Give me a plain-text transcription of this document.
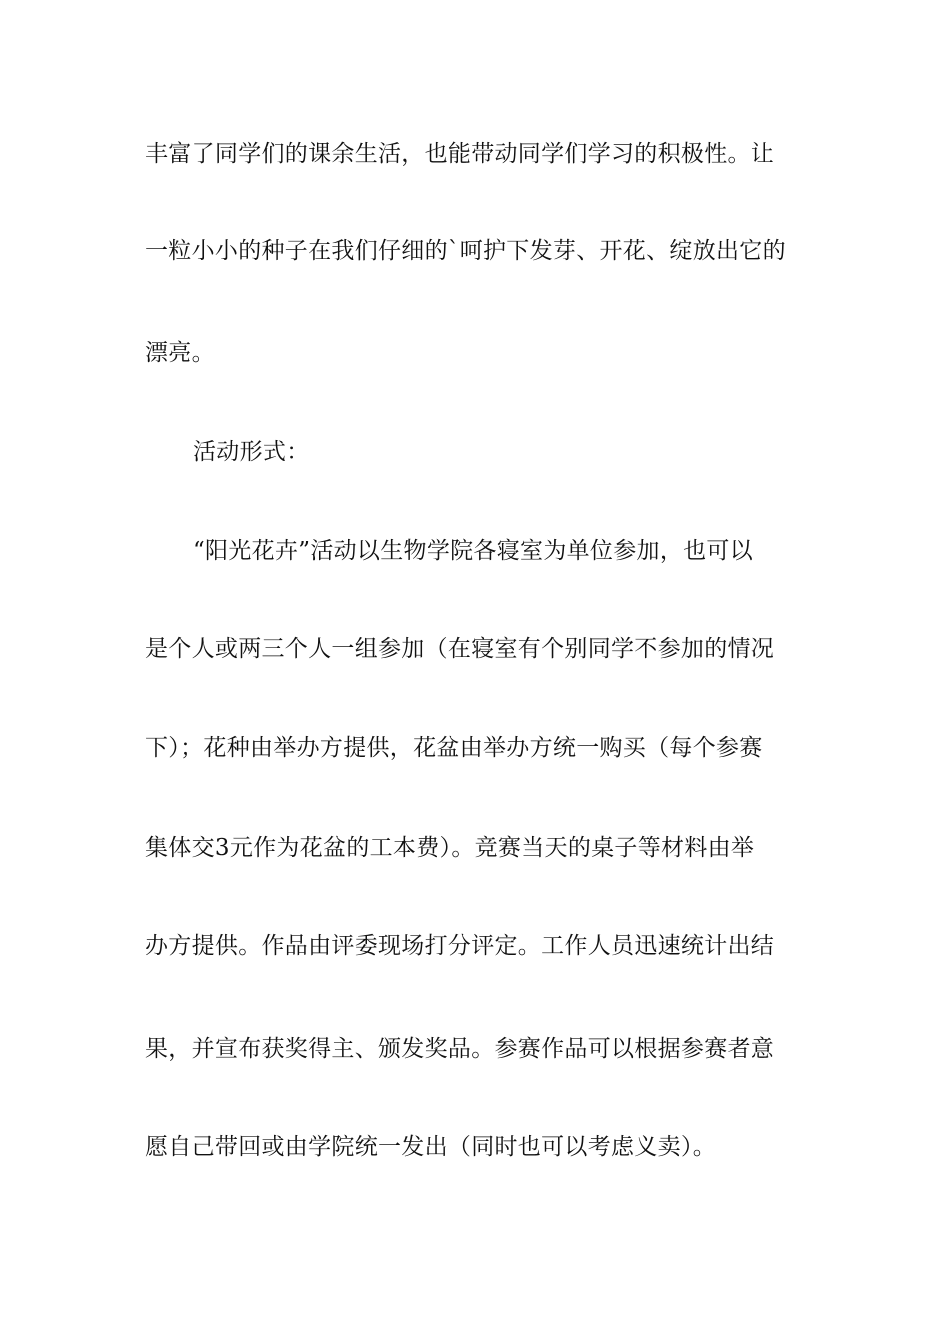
丰富了同学们的课余生活，也能带动同学们学习的积极性。让
一粒小小的种子在我们仔细的`呵护下发芽、开花、绽放出它的
漂亮。
活动形式：
“阳光花卉”活动以生物学院各寝室为单位参加，也可以
是个人或两三个人一组参加（在寝室有个别同学不参加的情况
下）；花种由举办方提供，花盆由举办方统一购买（每个参赛
集体交3元作为花盆的工本费）。竞赛当天的桌子等材料由举
办方提供。作品由评委现场打分评定。工作人员迅速统计出结
果，并宣布获奖得主、颁发奖品。参赛作品可以根据参赛者意
愿自己带回或由学院统一发出（同时也可以考虑义卖）。
